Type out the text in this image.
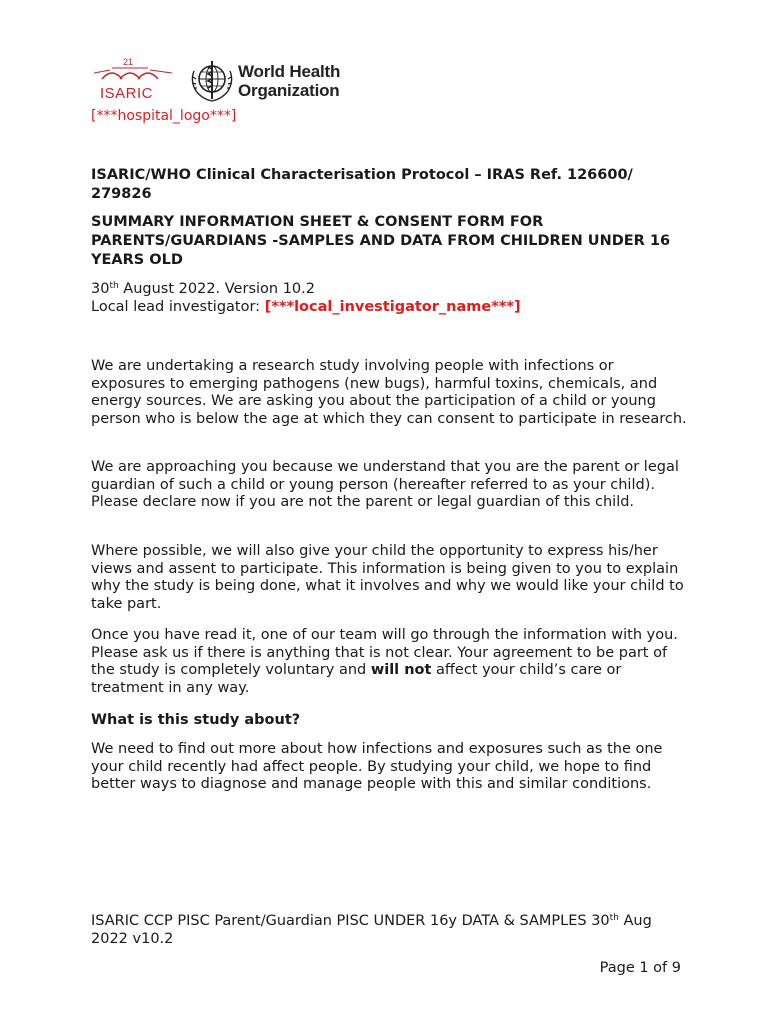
21
ISARIC
World Health
Organization
[***hospital_logo***]
ISARIC/WHO Clinical Characterisation Protocol – IRAS Ref. 126600/ 279826
SUMMARY INFORMATION SHEET & CONSENT FORM FOR PARENTS/GUARDIANS -SAMPLES AND DATA FROM CHILDREN UNDER 16 YEARS OLD
30th August 2022. Version 10.2
Local lead investigator: [***local_investigator_name***]

We are undertaking a research study involving people with infections or exposures to emerging pathogens (new bugs), harmful toxins, chemicals, and energy sources. We are asking you about the participation of a child or young person who is below the age at which they can consent to participate in research.

We are approaching you because we understand that you are the parent or legal guardian of such a child or young person (hereafter referred to as your child). Please declare now if you are not the parent or legal guardian of this child.

Where possible, we will also give your child the opportunity to express his/her views and assent to participate. This information is being given to you to explain why the study is being done, what it involves and why we would like your child to take part.

Once you have read it, one of our team will go through the information with you. Please ask us if there is anything that is not clear. Your agreement to be part of the study is completely voluntary and will not affect your child’s care or treatment in any way.

What is this study about?

We need to find out more about how infections and exposures such as the one your child recently had affect people. By studying your child, we hope to find better ways to diagnose and manage people with this and similar conditions.

ISARIC CCP PISC Parent/Guardian PISC UNDER 16y DATA & SAMPLES 30th Aug 2022 v10.2
Page 1 of 9
